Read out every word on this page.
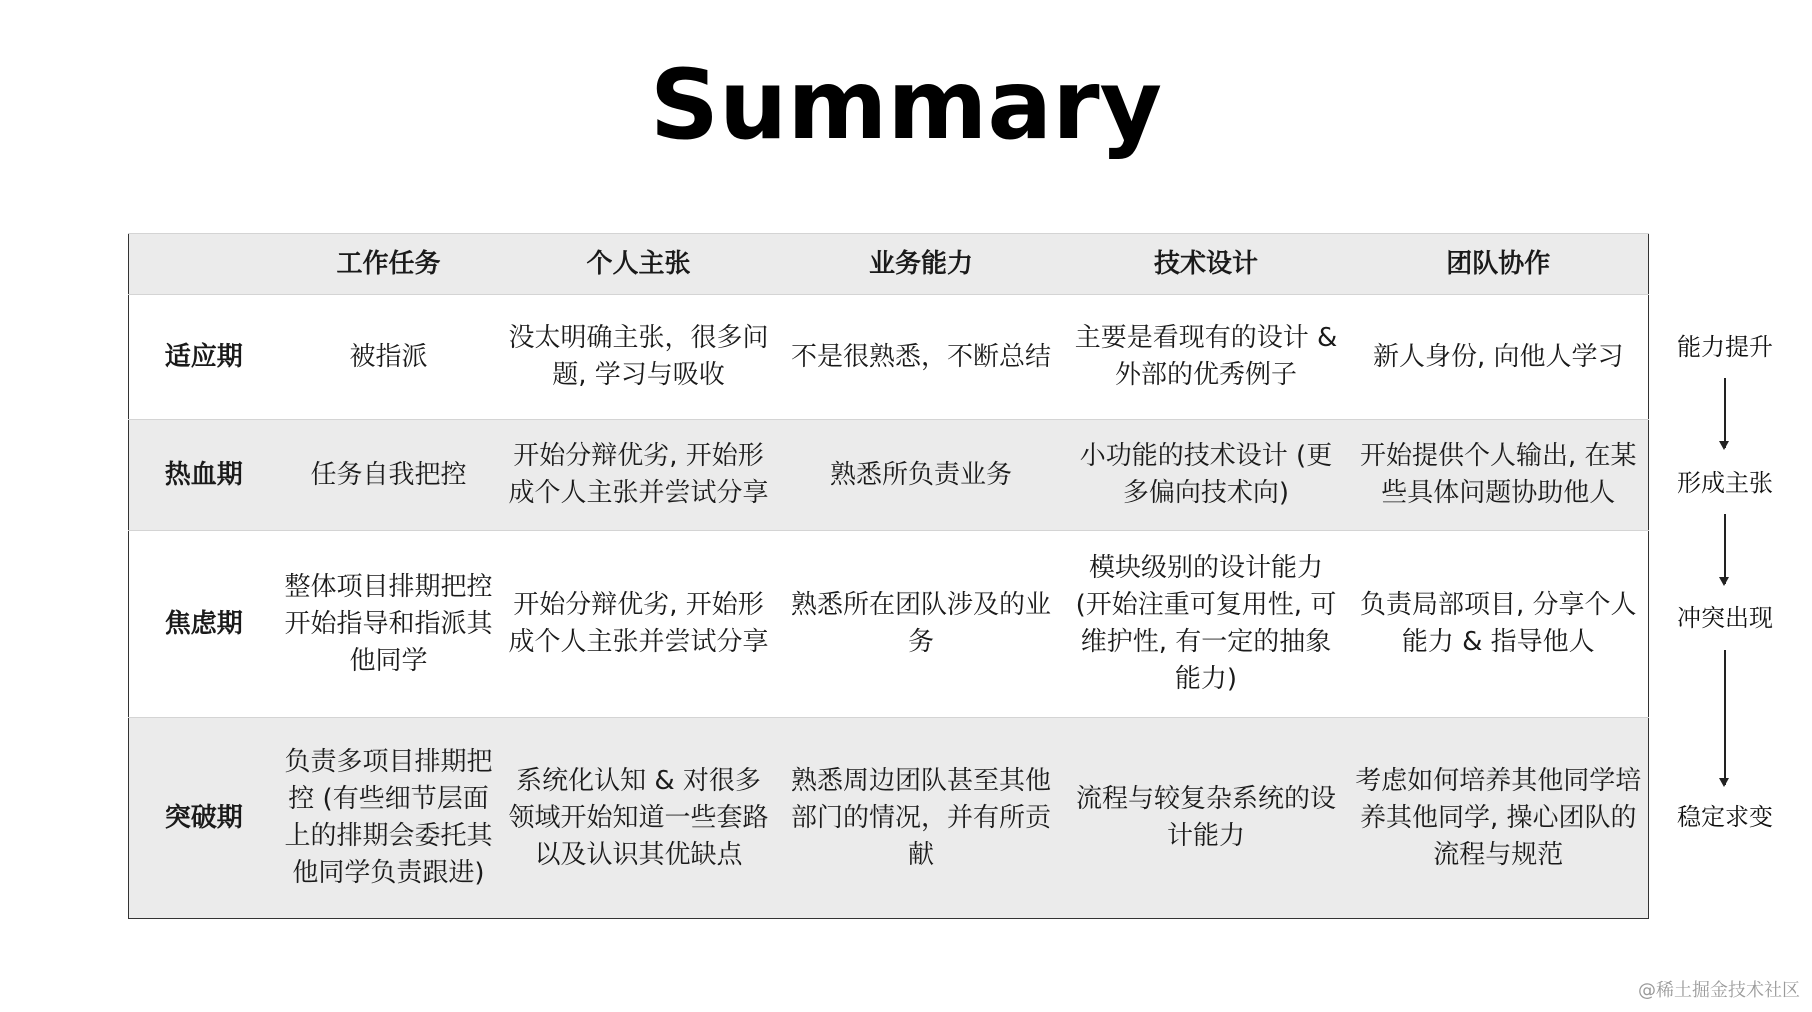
Summary
	工作任务	个人主张	业务能力	技术设计	团队协作
适应期	被指派	没太明确主张，很多问题, 学习与吸收	不是很熟悉，不断总结	主要是看现有的设计 & 外部的优秀例子	新人身份, 向他人学习
热血期	任务自我把控	开始分辩优劣, 开始形成个人主张并尝试分享	熟悉所负责业务	小功能的技术设计 (更多偏向技术向)	开始提供个人输出, 在某些具体问题协助他人
焦虑期	整体项目排期把控 开始指导和指派其他同学	开始分辩优劣, 开始形成个人主张并尝试分享	熟悉所在团队涉及的业务	模块级别的设计能力 (开始注重可复用性, 可维护性, 有一定的抽象能力)	负责局部项目, 分享个人能力 & 指导他人
突破期	负责多项目排期把控 (有些细节层面上的排期会委托其他同学负责跟进)	系统化认知 & 对很多领域开始知道一些套路以及认识其优缺点	熟悉周边团队甚至其他部门的情况，并有所贡献	流程与较复杂系统的设计能力	考虑如何培养其他同学培养其他同学, 操心团队的流程与规范
能力提升
形成主张
冲突出现
稳定求变
@稀土掘金技术社区
